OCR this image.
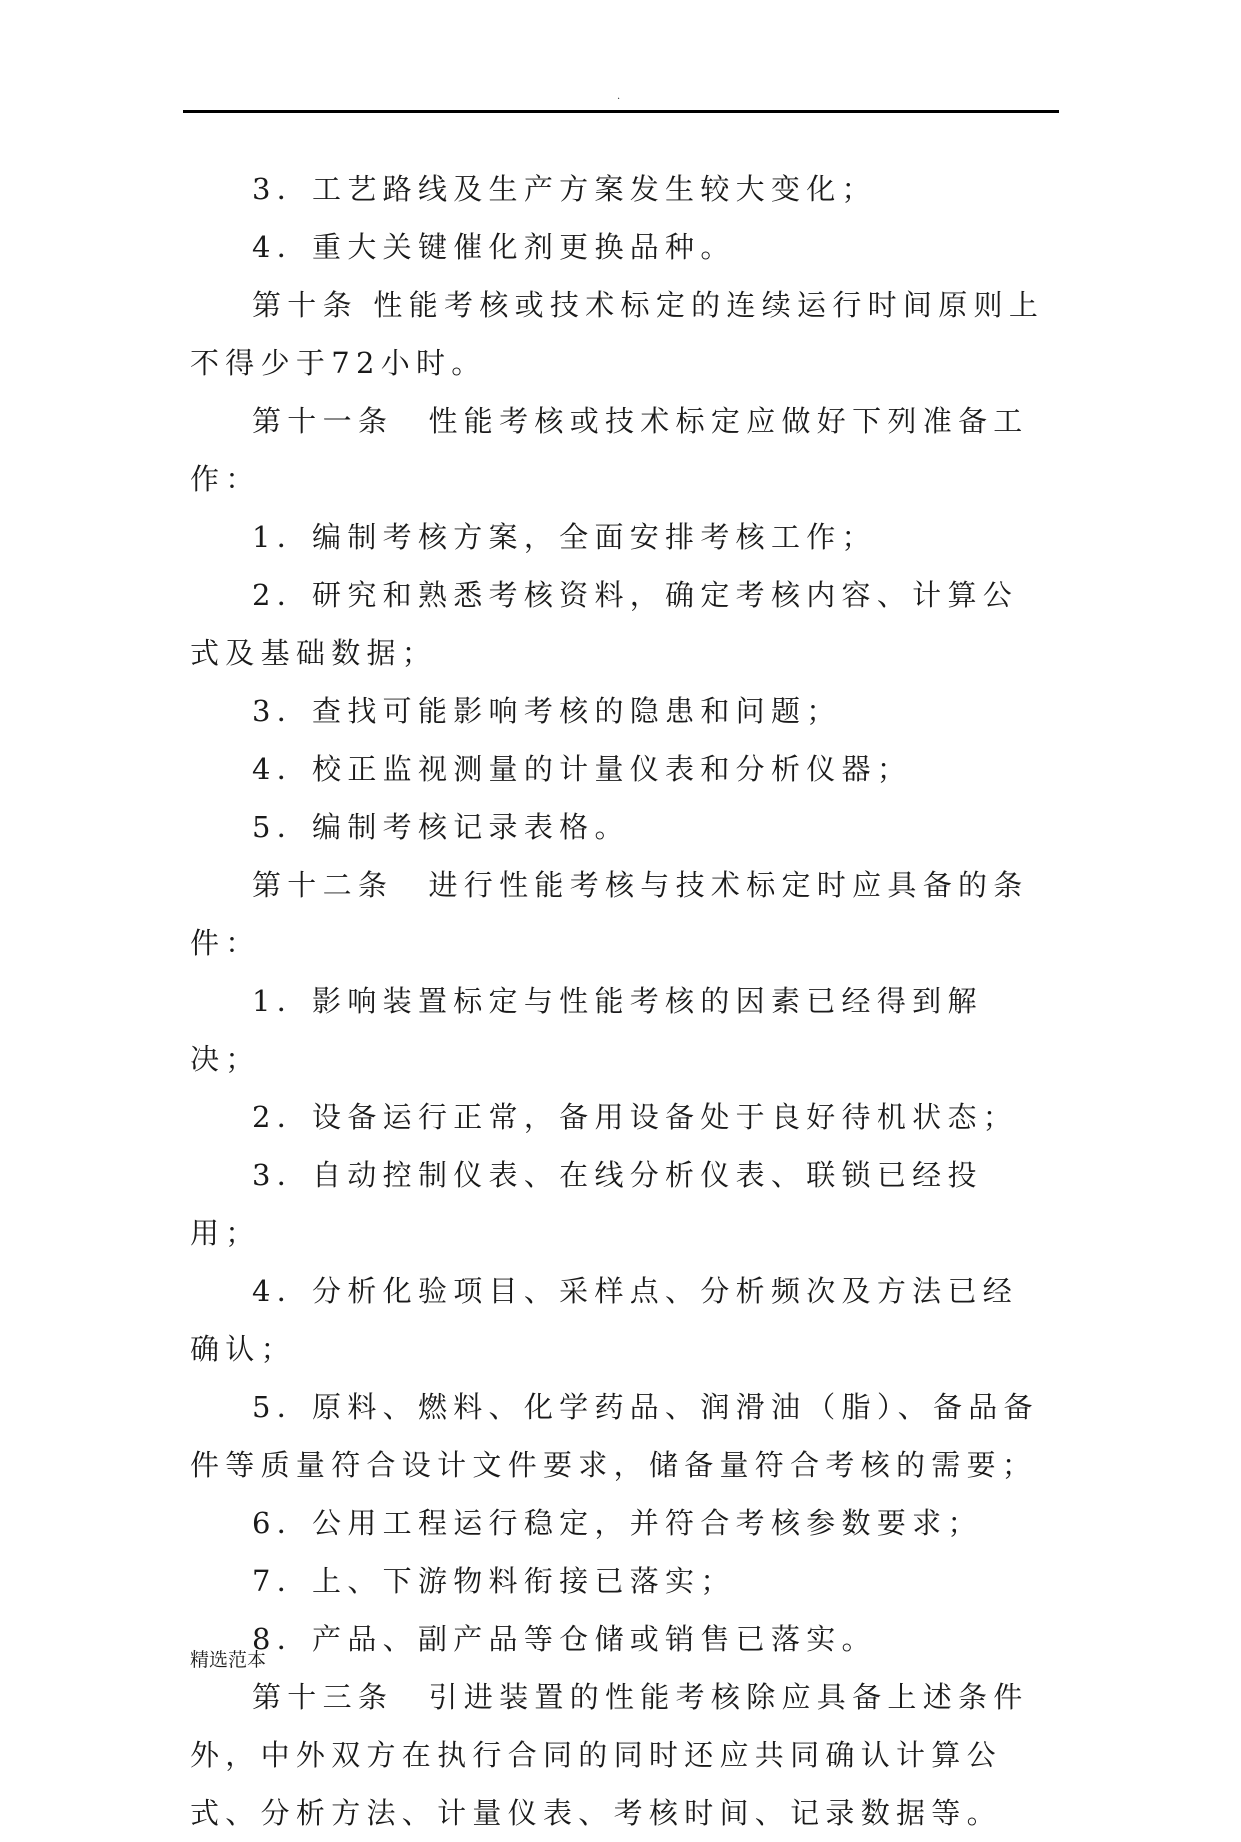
.

3．工艺路线及生产方案发生较大变化；

4．重大关键催化剂更换品种。

第十条 性能考核或技术标定的连续运行时间原则上不得少于72小时。

第十一条　性能考核或技术标定应做好下列准备工作：

1．编制考核方案，全面安排考核工作；

2．研究和熟悉考核资料，确定考核内容、计算公式及基础数据；

3．查找可能影响考核的隐患和问题；

4．校正监视测量的计量仪表和分析仪器；

5．编制考核记录表格。

第十二条　进行性能考核与技术标定时应具备的条件：

1．影响装置标定与性能考核的因素已经得到解决；

2．设备运行正常，备用设备处于良好待机状态；

3．自动控制仪表、在线分析仪表、联锁已经投用；

4．分析化验项目、采样点、分析频次及方法已经确认；

5．原料、燃料、化学药品、润滑油（脂）、备品备件等质量符合设计文件要求，储备量符合考核的需要；

6．公用工程运行稳定，并符合考核参数要求；

7．上、下游物料衔接已落实；

8．产品、副产品等仓储或销售已落实。

第十三条　引进装置的性能考核除应具备上述条件外，中外双方在执行合同的同时还应共同确认计算公式、分析方法、计量仪表、考核时间、记录数据等。

精选范本
